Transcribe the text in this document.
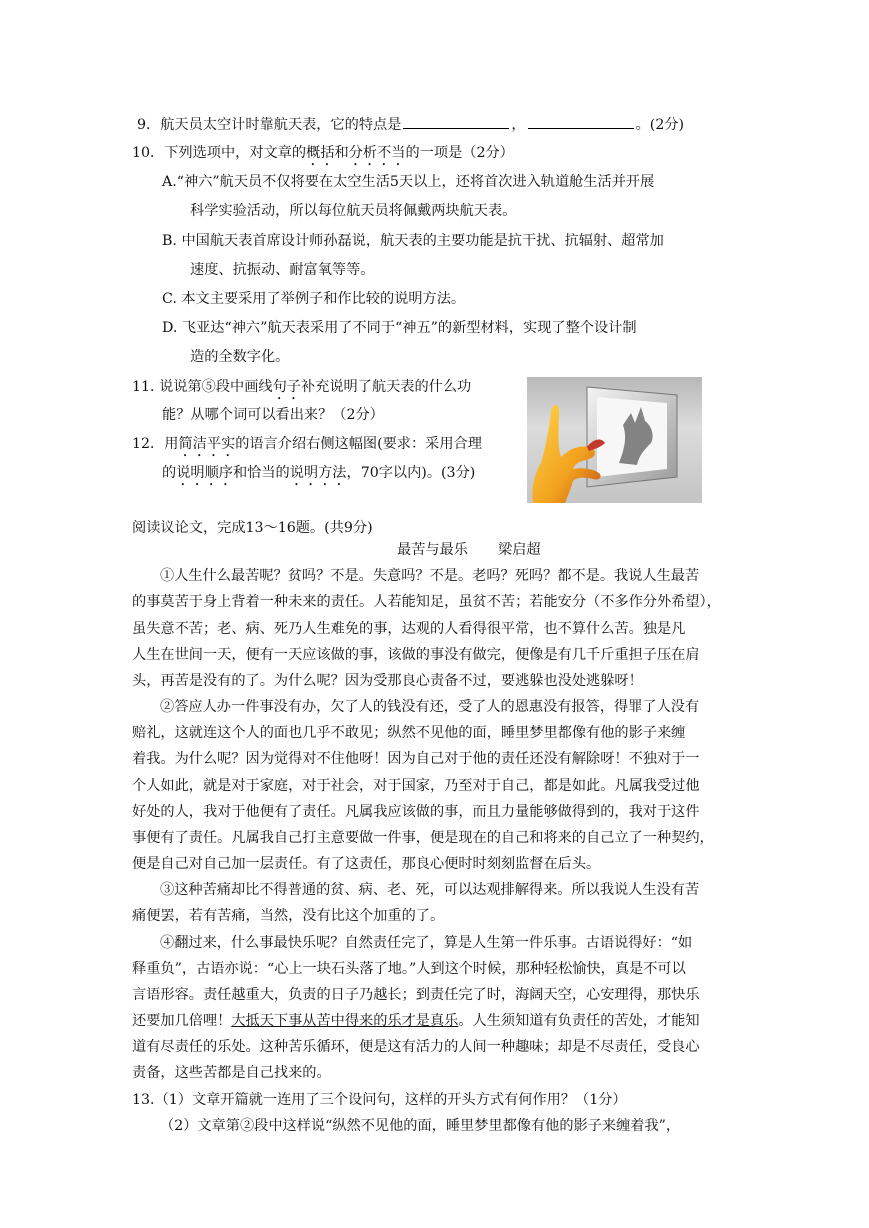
9．航天员太空计时靠航天表，它的特点是	，	。(2分)
10．下列选项中，对文章的概括和分析不当的一项是（2分）
A.“神六”航天员不仅将要在太空生活5天以上，还将首次进入轨道舱生活并开展
科学实验活动，所以每位航天员将佩戴两块航天表。
B. 中国航天表首席设计师孙磊说，航天表的主要功能是抗干扰、抗辐射、超常加
速度、抗振动、耐富氧等等。
C. 本文主要采用了举例子和作比较的说明方法。
D. 飞亚达“神六”航天表采用了不同于“神五”的新型材料，实现了整个设计制
造的全数字化。
11. 说说第⑤段中画线句子补充说明了航天表的什么功
能？从哪个词可以看出来？（2分）
12．用简洁平实的语言介绍右侧这幅图(要求：采用合理
的说明顺序和恰当的说明方法，70字以内)。(3分)
阅读议论文，完成13～16题。(共9分)
最苦与最乐 梁启超
①人生什么最苦呢？贫吗？不是。失意吗？不是。老吗？死吗？都不是。我说人生最苦
的事莫苦于身上背着一种未来的责任。人若能知足，虽贫不苦；若能安分（不多作分外希望），
虽失意不苦；老、病、死乃人生难免的事，达观的人看得很平常，也不算什么苦。独是凡
人生在世间一天，便有一天应该做的事，该做的事没有做完，便像是有几千斤重担子压在肩
头，再苦是没有的了。为什么呢？因为受那良心责备不过，要逃躲也没处逃躲呀！
②答应人办一件事没有办，欠了人的钱没有还，受了人的恩惠没有报答，得罪了人没有
赔礼，这就连这个人的面也几乎不敢见；纵然不见他的面，睡里梦里都像有他的影子来缠
着我。为什么呢？因为觉得对不住他呀！因为自己对于他的责任还没有解除呀！不独对于一
个人如此，就是对于家庭，对于社会，对于国家，乃至对于自己，都是如此。凡属我受过他
好处的人，我对于他便有了责任。凡属我应该做的事，而且力量能够做得到的，我对于这件
事便有了责任。凡属我自己打主意要做一件事，便是现在的自己和将来的自己立了一种契约，
便是自己对自己加一层责任。有了这责任，那良心便时时刻刻监督在后头。
③这种苦痛却比不得普通的贫、病、老、死，可以达观排解得来。所以我说人生没有苦
痛便罢，若有苦痛，当然，没有比这个加重的了。
④翻过来，什么事最快乐呢？自然责任完了，算是人生第一件乐事。古语说得好：“如
释重负”，古语亦说：“心上一块石头落了地。”人到这个时候，那种轻松愉快，真是不可以
言语形容。责任越重大，负责的日子乃越长；到责任完了时，海阔天空，心安理得，那快乐
还要加几倍哩！大抵天下事从苦中得来的乐才是真乐。人生须知道有负责任的苦处，才能知
道有尽责任的乐处。这种苦乐循环，便是这有活力的人间一种趣味；却是不尽责任，受良心
责备，这些苦都是自己找来的。
13.（1）文章开篇就一连用了三个设问句，这样的开头方式有何作用？（1分）
（2）文章第②段中这样说“纵然不见他的面，睡里梦里都像有他的影子来缠着我”，
